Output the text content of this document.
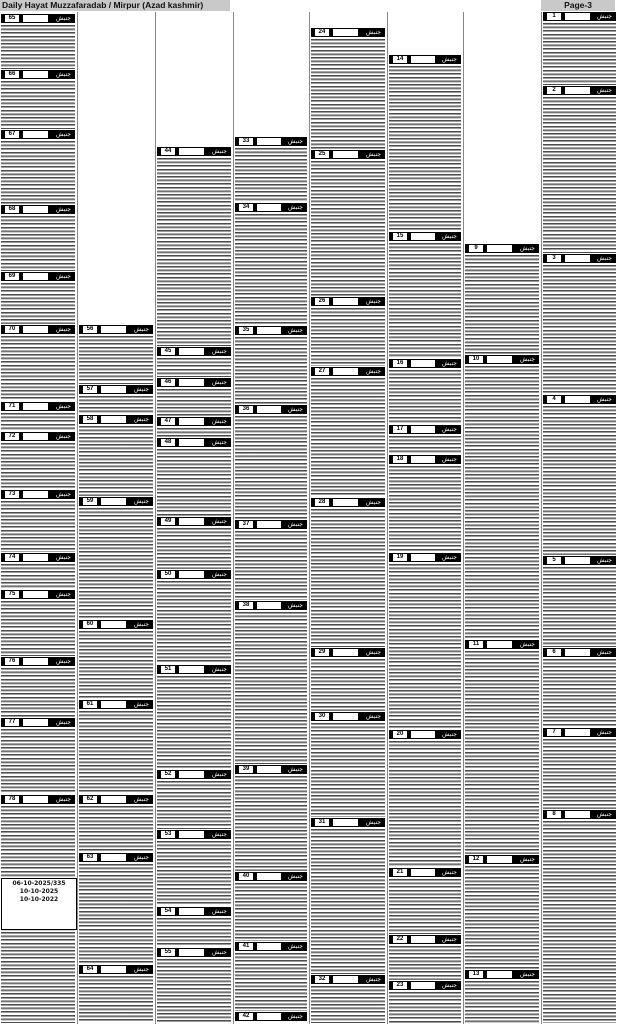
Daily Hayat Muzzafaradab / Mirpur (Azad kashmir)	Page-3
65	جنبش
66	جنبش
67	جنبش
68	جنبش
69	جنبش
70	جنبش
71	جنبش
72	جنبش
73	جنبش
74	جنبش
75	جنبش
76	جنبش
77	جنبش
78	جنبش
56	جنبش
57	جنبش
58	جنبش
59	جنبش
60	جنبش
61	جنبش
62	جنبش
63	جنبش
64	جنبش
44	جنبش
45	جنبش
46	جنبش
47	جنبش
48	جنبش
49	جنبش
50	جنبش
51	جنبش
52	جنبش
53	جنبش
54	جنبش
55	جنبش
33	جنبش
34	جنبش
35	جنبش
36	جنبش
37	جنبش
38	جنبش
39	جنبش
40	جنبش
41	جنبش
42	جنبش
24	جنبش
25	جنبش
26	جنبش
27	جنبش
28	جنبش
29	جنبش
30	جنبش
31	جنبش
32	جنبش
14	جنبش
15	جنبش
16	جنبش
17	جنبش
18	جنبش
19	جنبش
20	جنبش
21	جنبش
22	جنبش
23	جنبش
9	جنبش
10	جنبش
11	جنبش
12	جنبش
13	جنبش
1	جنبش
2	جنبش
3	جنبش
4	جنبش
5	جنبش
6	جنبش
7	جنبش
8	جنبش
06-10-2025/335
10-10-2025
10-10-2022
